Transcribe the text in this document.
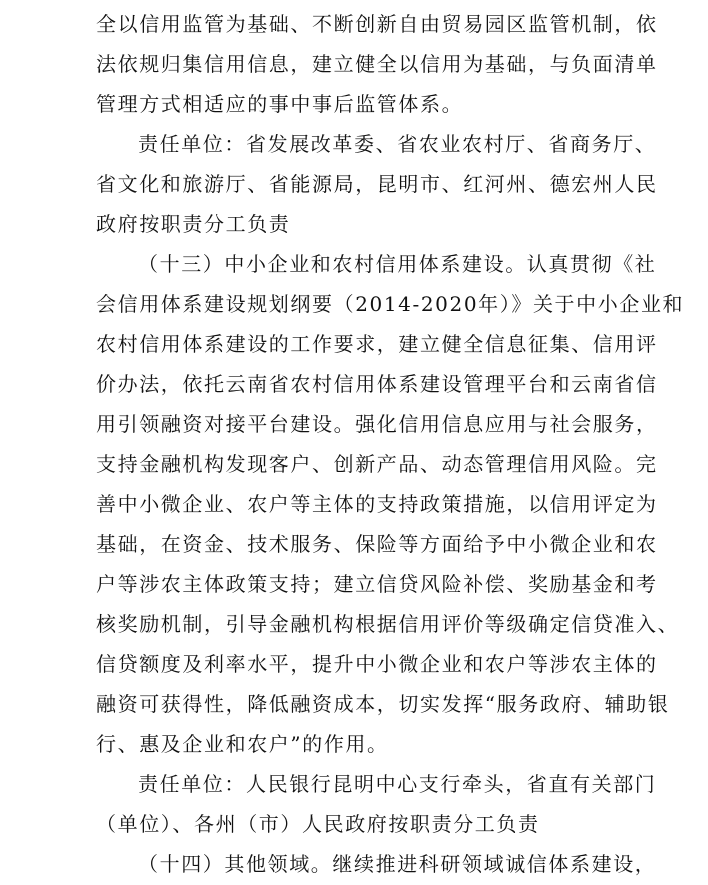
全以信用监管为基础、不断创新自由贸易园区监管机制，依
法依规归集信用信息，建立健全以信用为基础，与负面清单
管理方式相适应的事中事后监管体系。
责任单位：省发展改革委、省农业农村厅、省商务厅、
省文化和旅游厅、省能源局，昆明市、红河州、德宏州人民
政府按职责分工负责
（十三）中小企业和农村信用体系建设。认真贯彻《社
会信用体系建设规划纲要（2014-2020年）》关于中小企业和
农村信用体系建设的工作要求，建立健全信息征集、信用评
价办法，依托云南省农村信用体系建设管理平台和云南省信
用引领融资对接平台建设。强化信用信息应用与社会服务，
支持金融机构发现客户、创新产品、动态管理信用风险。完
善中小微企业、农户等主体的支持政策措施，以信用评定为
基础，在资金、技术服务、保险等方面给予中小微企业和农
户等涉农主体政策支持；建立信贷风险补偿、奖励基金和考
核奖励机制，引导金融机构根据信用评价等级确定信贷准入、
信贷额度及利率水平，提升中小微企业和农户等涉农主体的
融资可获得性，降低融资成本，切实发挥“服务政府、辅助银
行、惠及企业和农户”的作用。
责任单位：人民银行昆明中心支行牵头，省直有关部门
（单位）、各州（市）人民政府按职责分工负责
（十四）其他领域。继续推进科研领域诚信体系建设，
